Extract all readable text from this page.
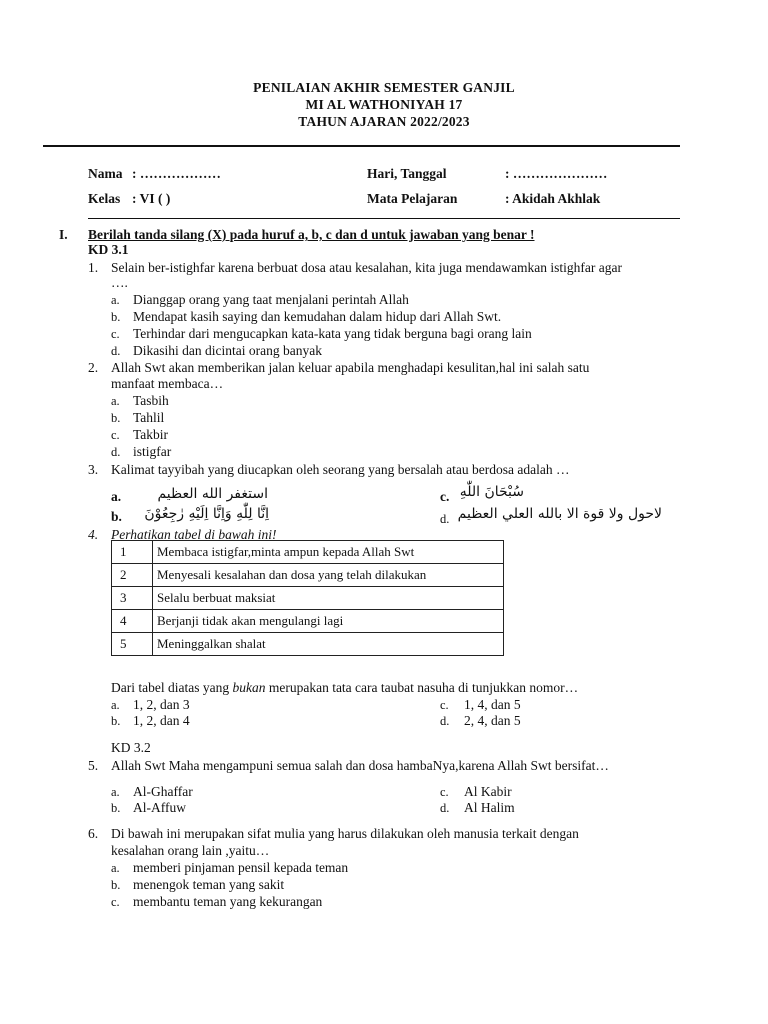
PENILAIAN AKHIR SEMESTER GANJIL
MI AL WATHONIYAH 17
TAHUN AJARAN 2022/2023
Nama : ………………	Hari, Tanggal	: …………………
Kelas : VI ( )	Mata Pelajaran	: Akidah Akhlak
I. Berilah tanda silang (X) pada huruf a, b, c dan d untuk jawaban yang benar !
KD 3.1
1. Selain ber-istighfar karena berbuat dosa atau kesalahan, kita juga mendawamkan istighfar agar
….
a. Dianggap orang yang taat menjalani perintah Allah
b. Mendapat kasih saying dan kemudahan dalam hidup dari Allah Swt.
c. Terhindar dari mengucapkan kata-kata yang tidak berguna bagi orang lain
d. Dikasihi dan dicintai orang banyak
2. Allah Swt akan memberikan jalan keluar apabila menghadapi kesulitan,hal ini salah satu
manfaat membaca…
a. Tasbih
b. Tahlil
c. Takbir
d. istigfar
3. Kalimat tayyibah yang diucapkan oleh seorang yang bersalah atau berdosa adalah …
a.	استغفر الله العظيم	c. سُبْحَانَ اللّٰهِ
b.	اِنَّا لِلّٰهِ وَاِنَّا اِلَيْهِ رٰجِعُوْنَ	d. لاحول ولا قوة الا بالله العلي العظيم
4. Perhatikan tabel di bawah ini!
1	Membaca istigfar,minta ampun kepada Allah Swt
2	Menyesali kesalahan dan dosa yang telah dilakukan
3	Selalu berbuat maksiat
4	Berjanji tidak akan mengulangi lagi
5	Meninggalkan shalat
Dari tabel diatas yang bukan merupakan tata cara taubat nasuha di tunjukkan nomor…
a. 1, 2, dan 3	c. 1, 4, dan 5
b. 1, 2, dan 4	d. 2, 4, dan 5
KD 3.2
5. Allah Swt Maha mengampuni semua salah dan dosa hambaNya,karena Allah Swt bersifat…
a. Al-Ghaffar	c. Al Kabir
b. Al-Affuw	d. Al Halim
6. Di bawah ini merupakan sifat mulia yang harus dilakukan oleh manusia terkait dengan
kesalahan orang lain ,yaitu…
a. memberi pinjaman pensil kepada teman
b. menengok teman yang sakit
c. membantu teman yang kekurangan
